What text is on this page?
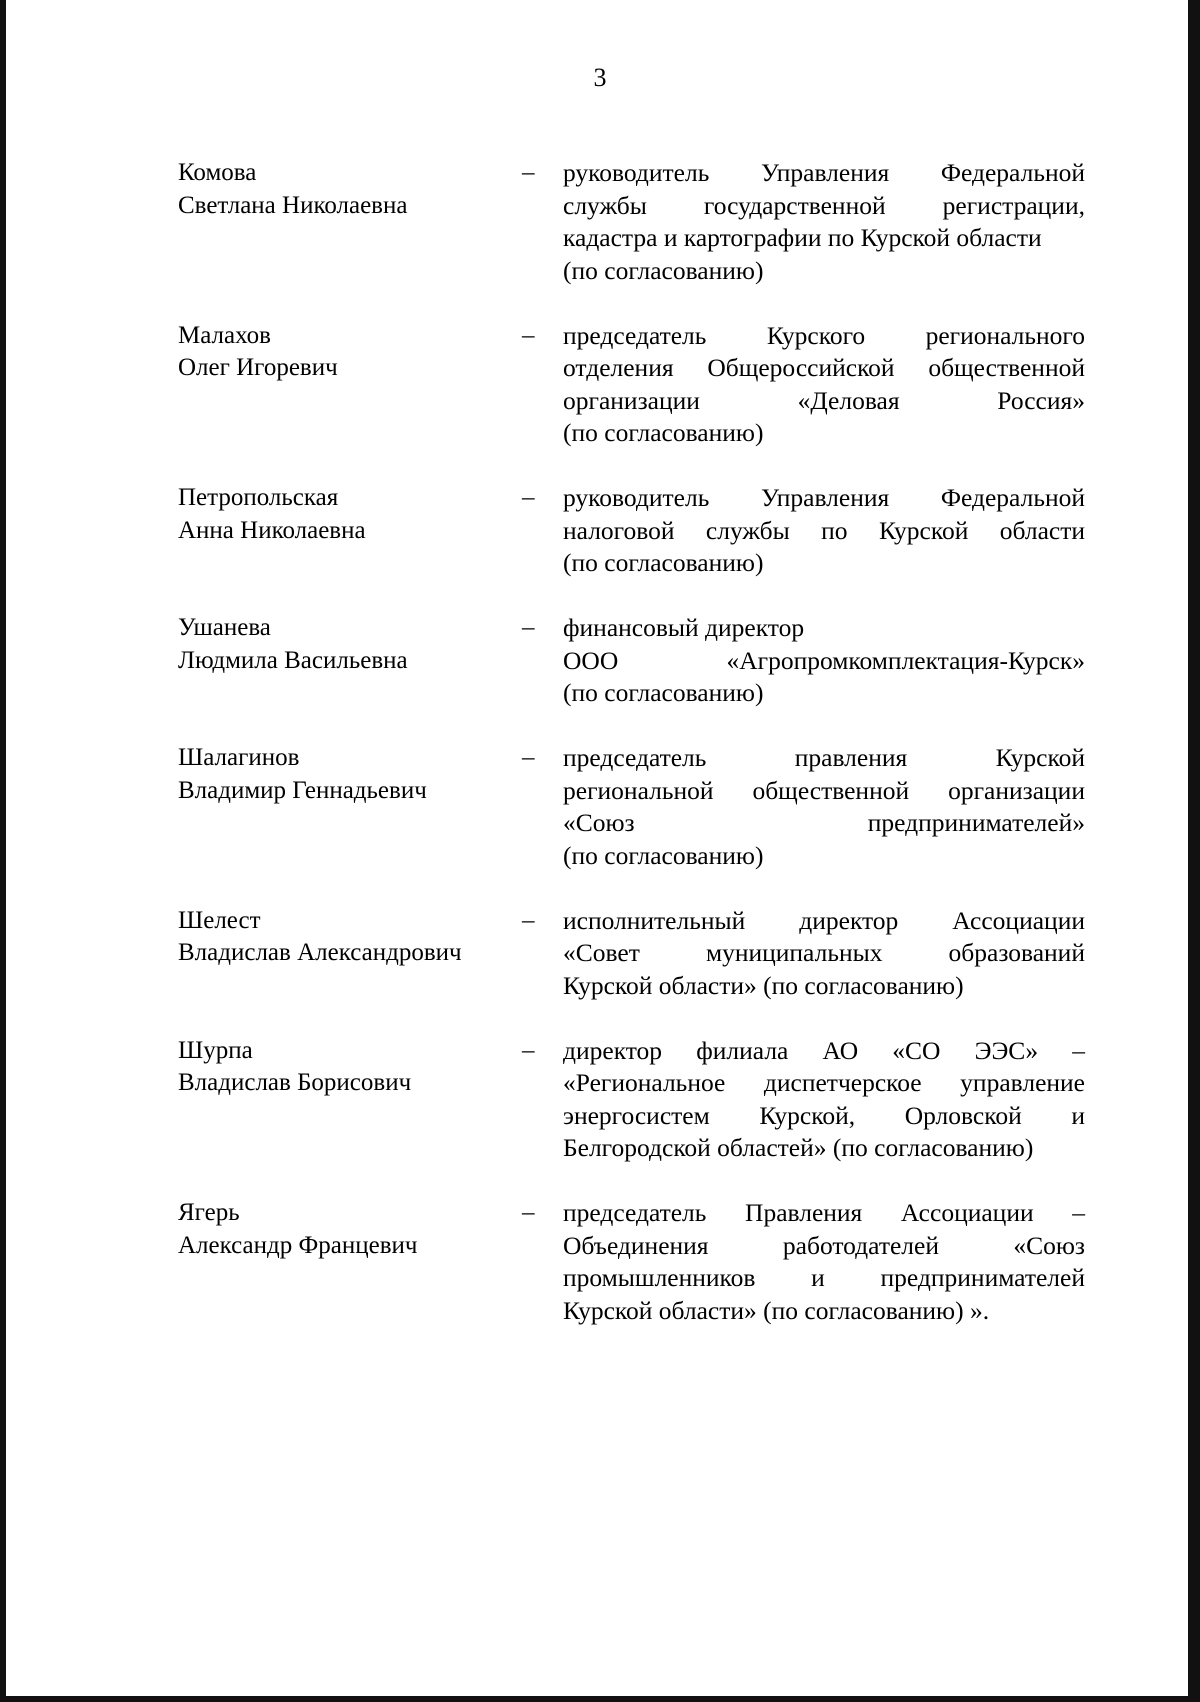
3
Комова
Светлана Николаевна
– руководитель Управления Федеральной
службы государственной регистрации,
кадастра и картографии по Курской области
(по согласованию)
Малахов
Олег Игоревич
– председатель Курского регионального
отделения Общероссийской общественной
организации	«Деловая	Россия»
(по согласованию)
Петропольская
Анна Николаевна
– руководитель Управления Федеральной
налоговой службы по Курской области
(по согласованию)
Ушанева
Людмила Васильевна
– финансовый директор
ООО	«Агропромкомплектация-Курск»
(по согласованию)
Шалагинов
Владимир Геннадьевич
– председатель	правления	Курской
региональной общественной организации
«Союз	предпринимателей»
(по согласованию)
Шелест
Владислав Александрович
– исполнительный директор Ассоциации
«Совет	муниципальных	образований
Курской области» (по согласованию)
Шурпа
Владислав Борисович
– директор филиала АО «СО ЭЭС» –
«Региональное диспетчерское управление
энергосистем Курской, Орловской и
Белгородской областей» (по согласованию)
Ягерь
Александр Францевич
– председатель Правления Ассоциации –
Объединения	работодателей	«Союз
промышленников и предпринимателей
Курской области» (по согласованию) ».
